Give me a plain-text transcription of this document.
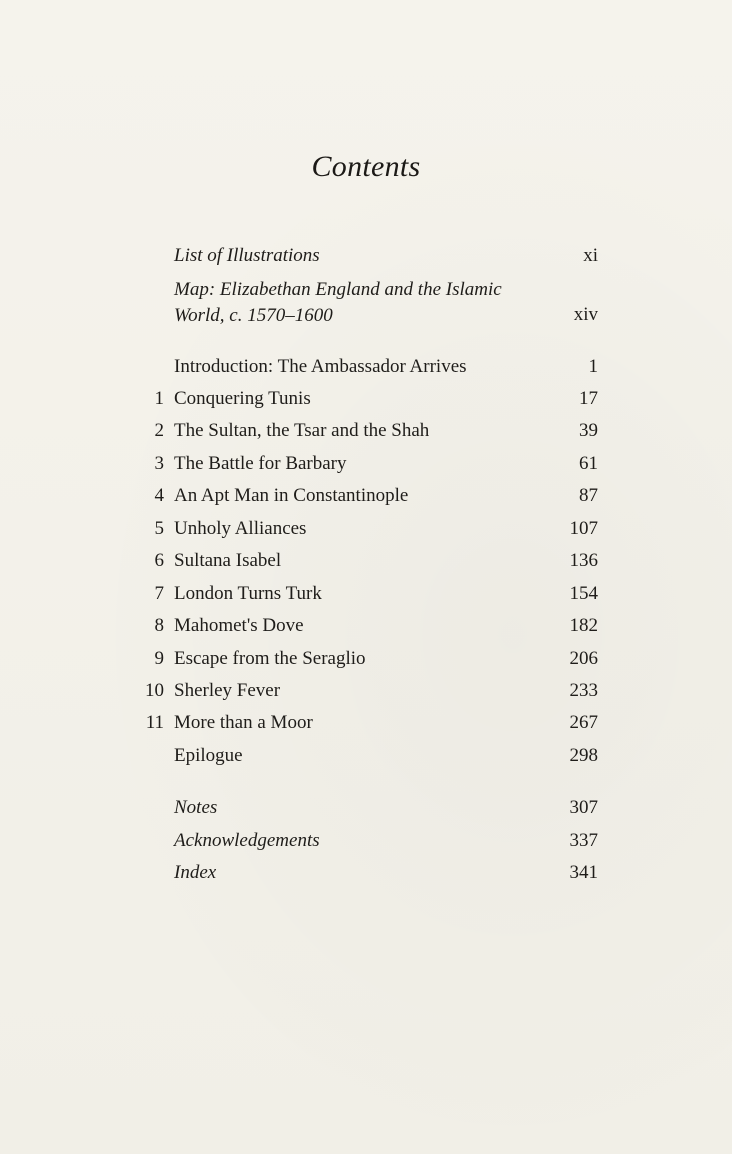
Contents
List of Illustrations	xi
Map: Elizabethan England and the Islamic
World, c. 1570–1600	xiv
Introduction: The Ambassador Arrives	1
1 Conquering Tunis	17
2 The Sultan, the Tsar and the Shah	39
3 The Battle for Barbary	61
4 An Apt Man in Constantinople	87
5 Unholy Alliances	107
6 Sultana Isabel	136
7 London Turns Turk	154
8 Mahomet's Dove	182
9 Escape from the Seraglio	206
10 Sherley Fever	233
11 More than a Moor	267
Epilogue	298
Notes	307
Acknowledgements	337
Index	341
